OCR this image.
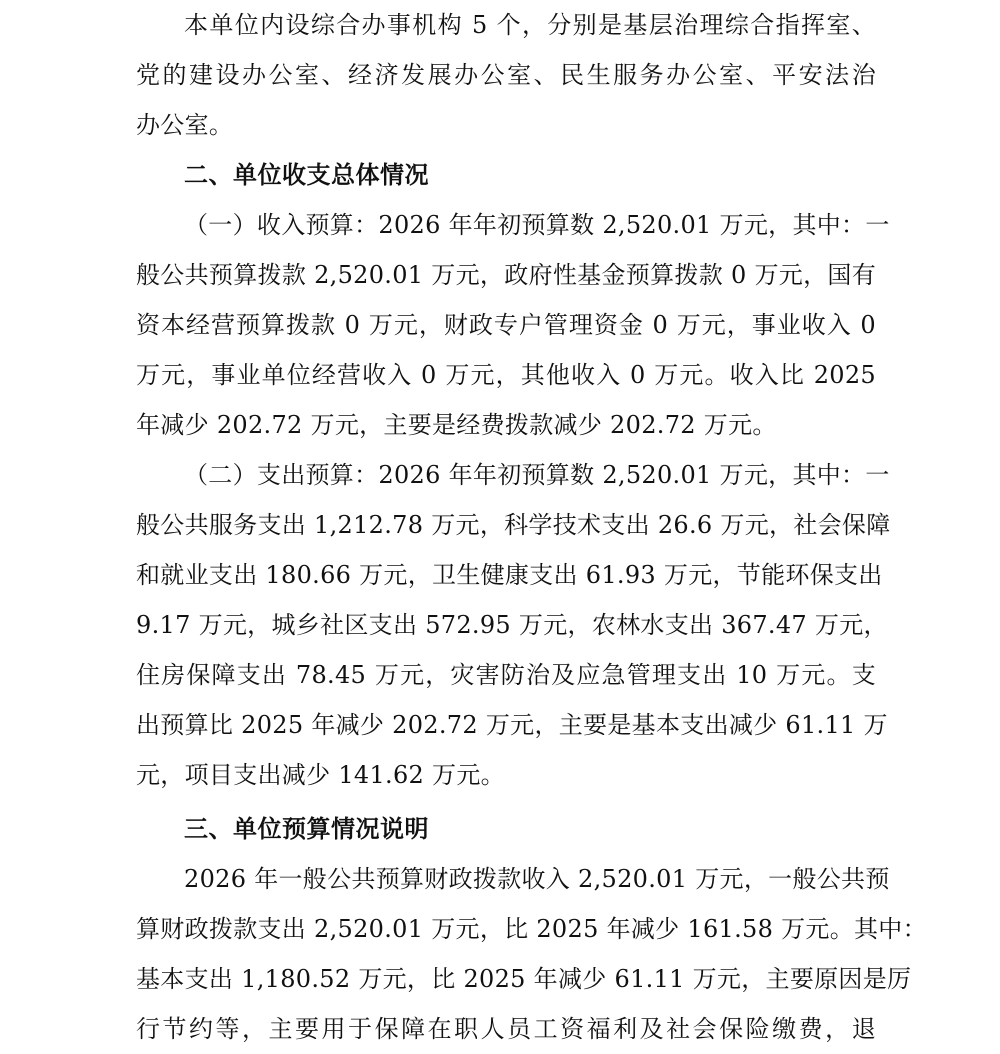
本单位内设综合办事机构 5 个，分别是基层治理综合指挥室、
党的建设办公室、经济发展办公室、民生服务办公室、平安法治
办公室。
二、单位收支总体情况
（一）收入预算：2026 年年初预算数 2,520.01 万元，其中：一
般公共预算拨款 2,520.01 万元，政府性基金预算拨款 0 万元，国有
资本经营预算拨款 0 万元，财政专户管理资金 0 万元，事业收入 0
万元，事业单位经营收入 0 万元，其他收入 0 万元。收入比 2025
年减少 202.72 万元，主要是经费拨款减少 202.72 万元。
（二）支出预算：2026 年年初预算数 2,520.01 万元，其中：一
般公共服务支出 1,212.78 万元，科学技术支出 26.6 万元，社会保障
和就业支出 180.66 万元，卫生健康支出 61.93 万元，节能环保支出
9.17 万元，城乡社区支出 572.95 万元，农林水支出 367.47 万元，
住房保障支出 78.45 万元，灾害防治及应急管理支出 10 万元。支
出预算比 2025 年减少 202.72 万元，主要是基本支出减少 61.11 万
元，项目支出减少 141.62 万元。
三、单位预算情况说明
2026 年一般公共预算财政拨款收入 2,520.01 万元，一般公共预
算财政拨款支出 2,520.01 万元，比 2025 年减少 161.58 万元。其中：
基本支出 1,180.52 万元，比 2025 年减少 61.11 万元，主要原因是厉
行节约等，主要用于保障在职人员工资福利及社会保险缴费，退
